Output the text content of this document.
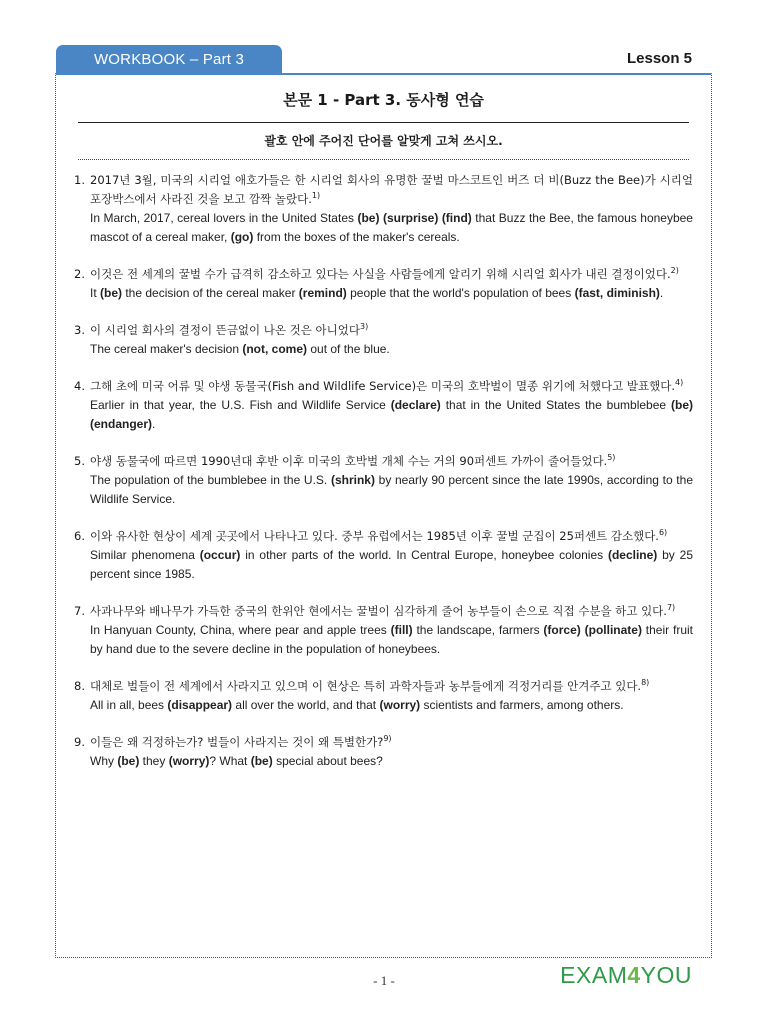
WORKBOOK – Part 3	Lesson 5
본문 1 - Part 3. 동사형 연습
괄호 안에 주어진 단어를 알맞게 고쳐 쓰시오.
1. 2017년 3월, 미국의 시리얼 애호가들은 한 시리얼 회사의 유명한 꿀벌 마스코트인 버즈 더 비(Buzz the Bee)가 시리얼 포장박스에서 사라진 것을 보고 깜짝 놀랐다.$^{1)}$
In March, 2017, cereal lovers in the United States (be) (surprise) (find) that Buzz the Bee, the famous honeybee mascot of a cereal maker, (go) from the boxes of the maker's cereals.
2. 이것은 전 세계의 꿀벌 수가 급격히 감소하고 있다는 사실을 사람들에게 알리기 위해 시리얼 회사가 내린 결정이었다.$^{2)}$
It (be) the decision of the cereal maker (remind) people that the world's population of bees (fast, diminish).
3. 이 시리얼 회사의 결정이 뜬금없이 나온 것은 아니었다$^{3)}$
The cereal maker's decision (not, come) out of the blue.
4. 그해 초에 미국 어류 및 야생 동물국(Fish and Wildlife Service)은 미국의 호박벌이 멸종 위기에 처했다고 발표했다.$^{4)}$
Earlier in that year, the U.S. Fish and Wildlife Service (declare) that in the United States the bumblebee (be) (endanger).
5. 야생 동물국에 따르면 1990년대 후반 이후 미국의 호박벌 개체 수는 거의 90퍼센트 가까이 줄어들었다.$^{5)}$
The population of the bumblebee in the U.S. (shrink) by nearly 90 percent since the late 1990s, according to the Wildlife Service.
6. 이와 유사한 현상이 세계 곳곳에서 나타나고 있다. 중부 유럽에서는 1985년 이후 꿀벌 군집이 25퍼센트 감소했다.$^{6)}$
Similar phenomena (occur) in other parts of the world. In Central Europe, honeybee colonies (decline) by 25 percent since 1985.
7. 사과나무와 배나무가 가득한 중국의 한위안 현에서는 꿀벌이 심각하게 줄어 농부들이 손으로 직접 수분을 하고 있다.$^{7)}$
In Hanyuan County, China, where pear and apple trees (fill) the landscape, farmers (force) (pollinate) their fruit by hand due to the severe decline in the population of honeybees.
8. 대체로 벌들이 전 세계에서 사라지고 있으며 이 현상은 특히 과학자들과 농부들에게 걱정거리를 안겨주고 있다.$^{8)}$
All in all, bees (disappear) all over the world, and that (worry) scientists and farmers, among others.
9. 이들은 왜 걱정하는가? 벌들이 사라지는 것이 왜 특별한가?$^{9)}$
Why (be) they (worry)? What (be) special about bees?
- 1 -	EXAM4YOU
